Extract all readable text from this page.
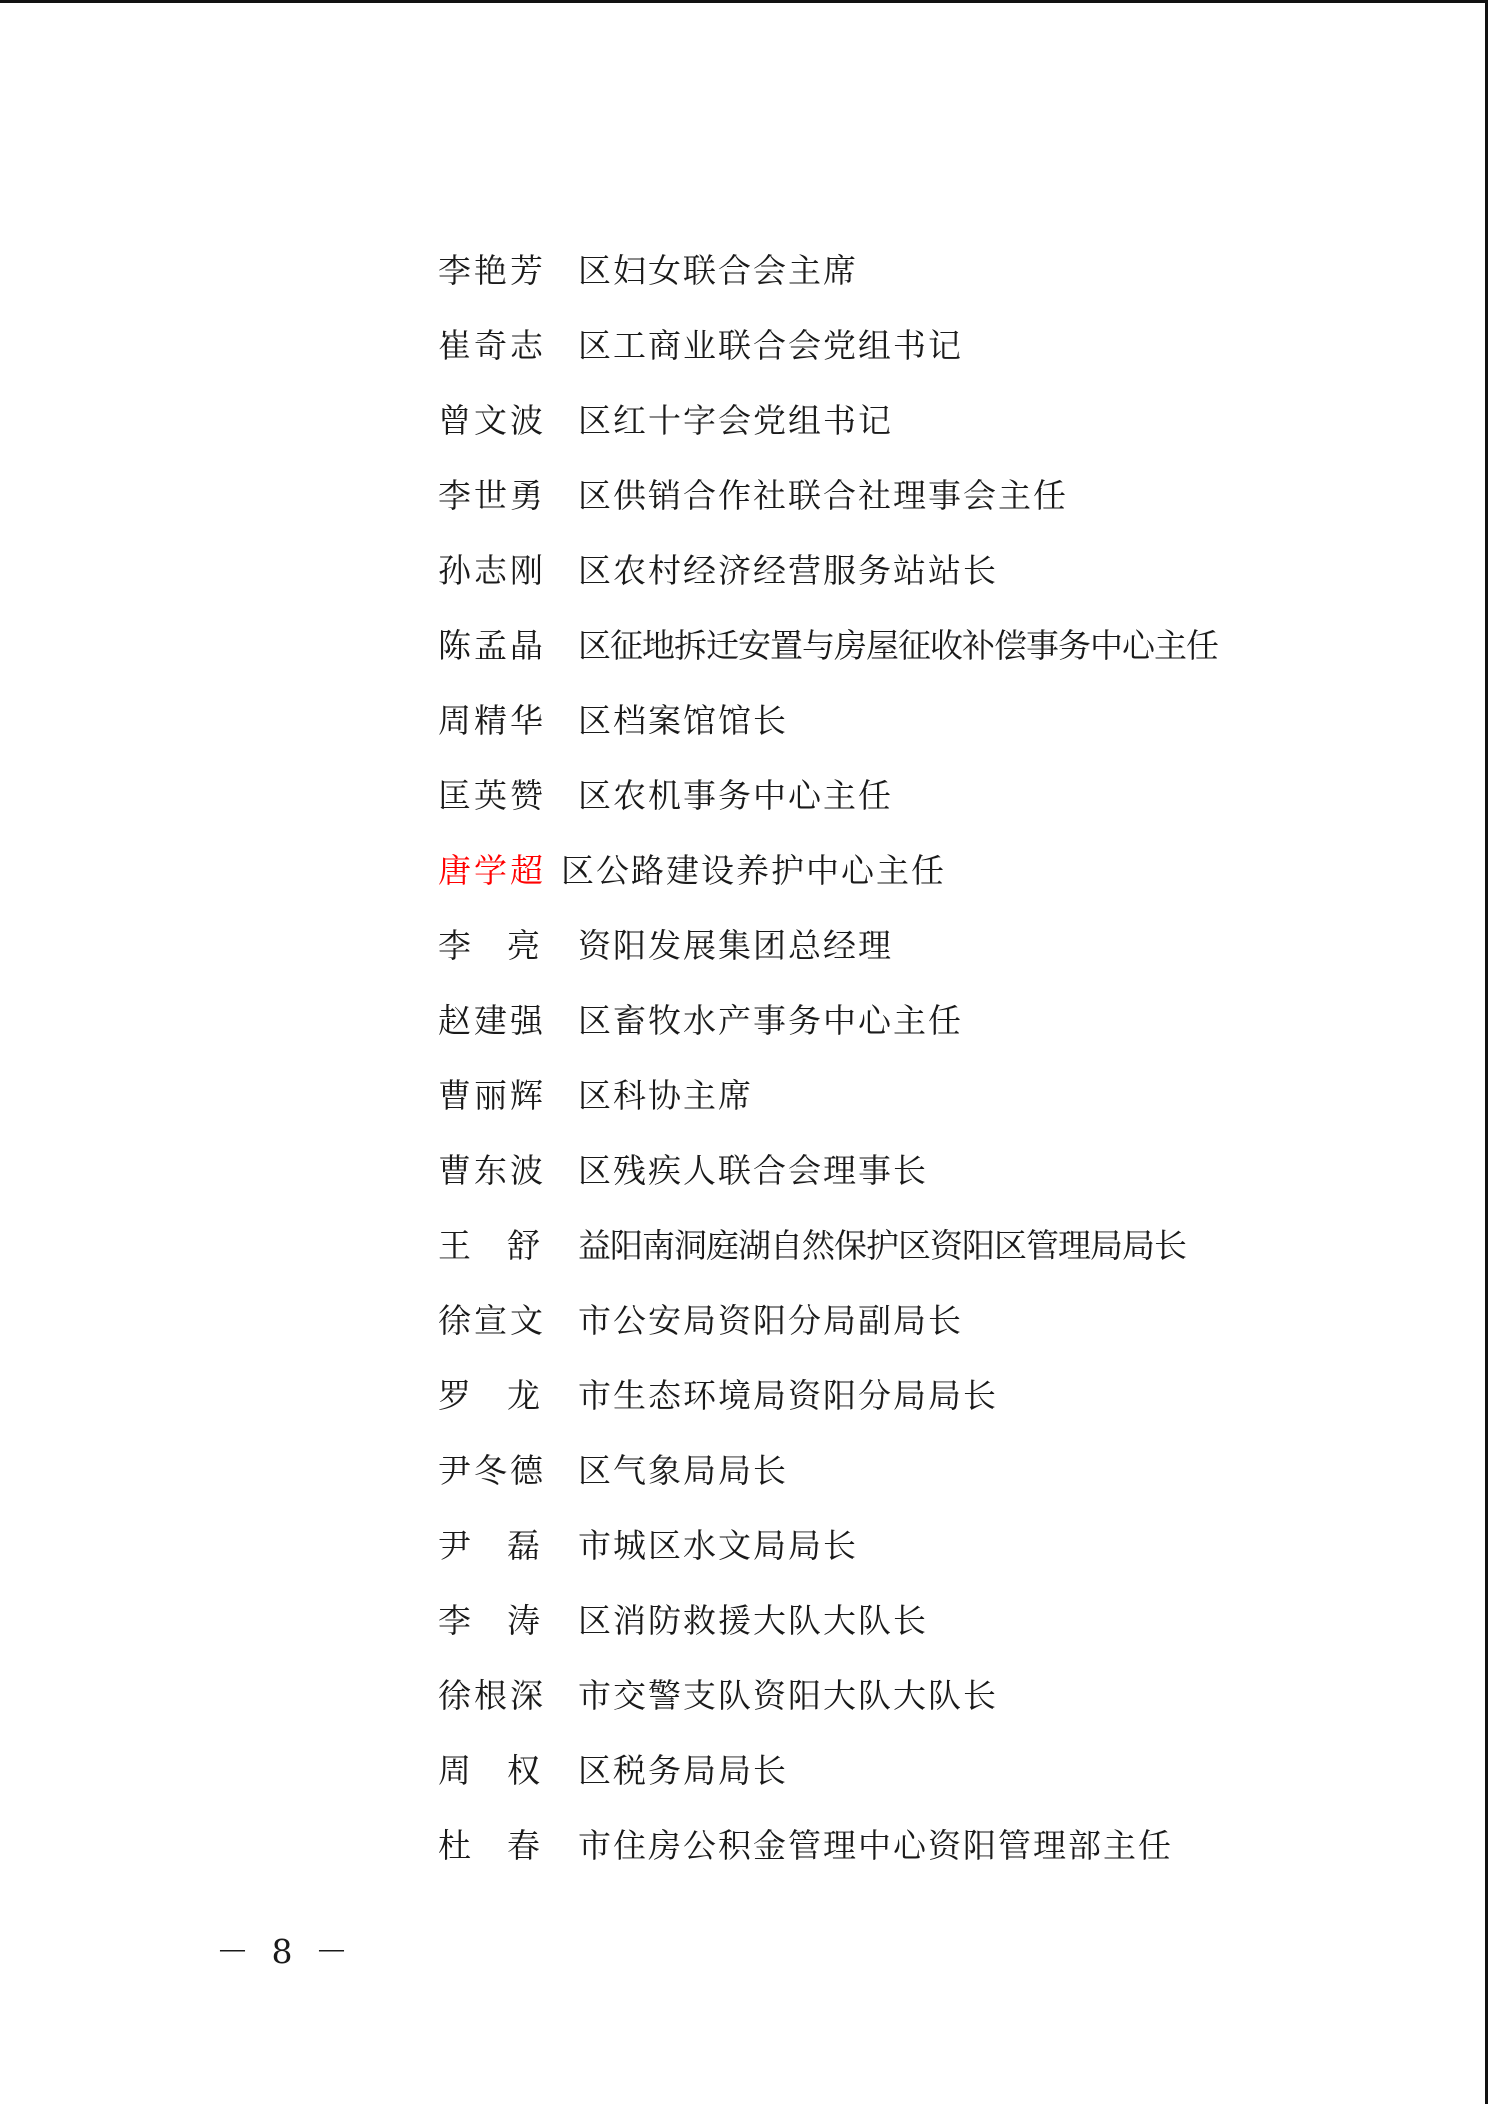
李艳芳 区妇女联合会主席
崔奇志 区工商业联合会党组书记
曾文波 区红十字会党组书记
李世勇 区供销合作社联合社理事会主任
孙志刚 区农村经济经营服务站站长
陈孟晶 区征地拆迁安置与房屋征收补偿事务中心主任
周精华 区档案馆馆长
匡英赞 区农机事务中心主任
唐学超 区公路建设养护中心主任
李 亮 资阳发展集团总经理
赵建强 区畜牧水产事务中心主任
曹丽辉 区科协主席
曹东波 区残疾人联合会理事长
王 舒 益阳南洞庭湖自然保护区资阳区管理局局长
徐宣文 市公安局资阳分局副局长
罗 龙 市生态环境局资阳分局局长
尹冬德 区气象局局长
尹 磊 市城区水文局局长
李 涛 区消防救援大队大队长
徐根深 市交警支队资阳大队大队长
周 权 区税务局局长
杜 春 市住房公积金管理中心资阳管理部主任
－ 8 －
